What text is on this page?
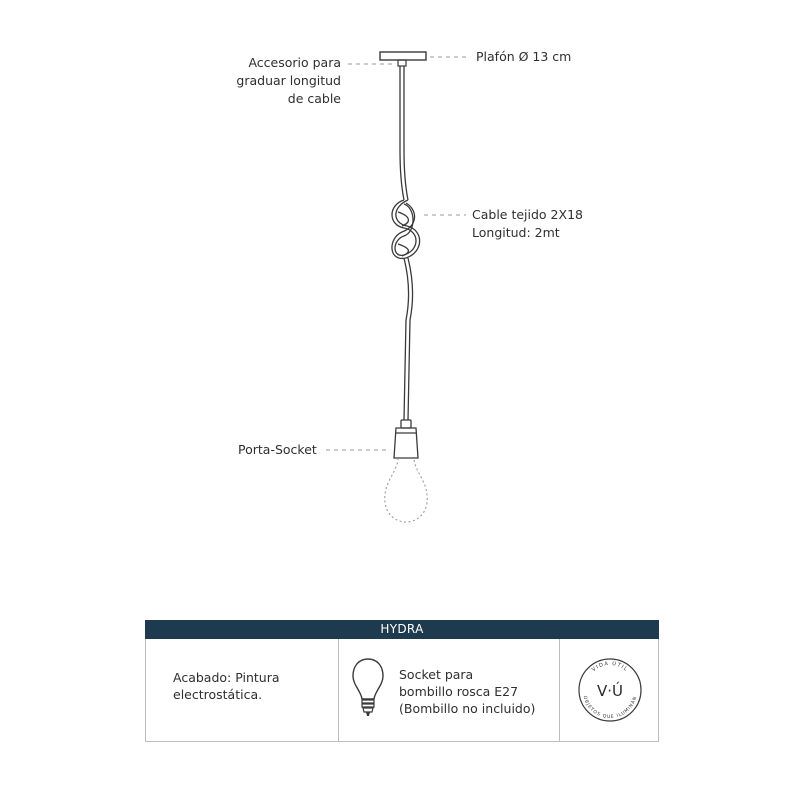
Accesorio para
graduar longitud
de cable
Plafón Ø 13 cm
Cable tejido 2X18
Longitud: 2mt
Porta-Socket
HYDRA
Acabado: Pintura
electrostática.
Socket para
bombillo rosca E27
(Bombillo no incluido)
VIDA ÚTIL
OBJETOS QUE ILUMINAN
V·Ú
